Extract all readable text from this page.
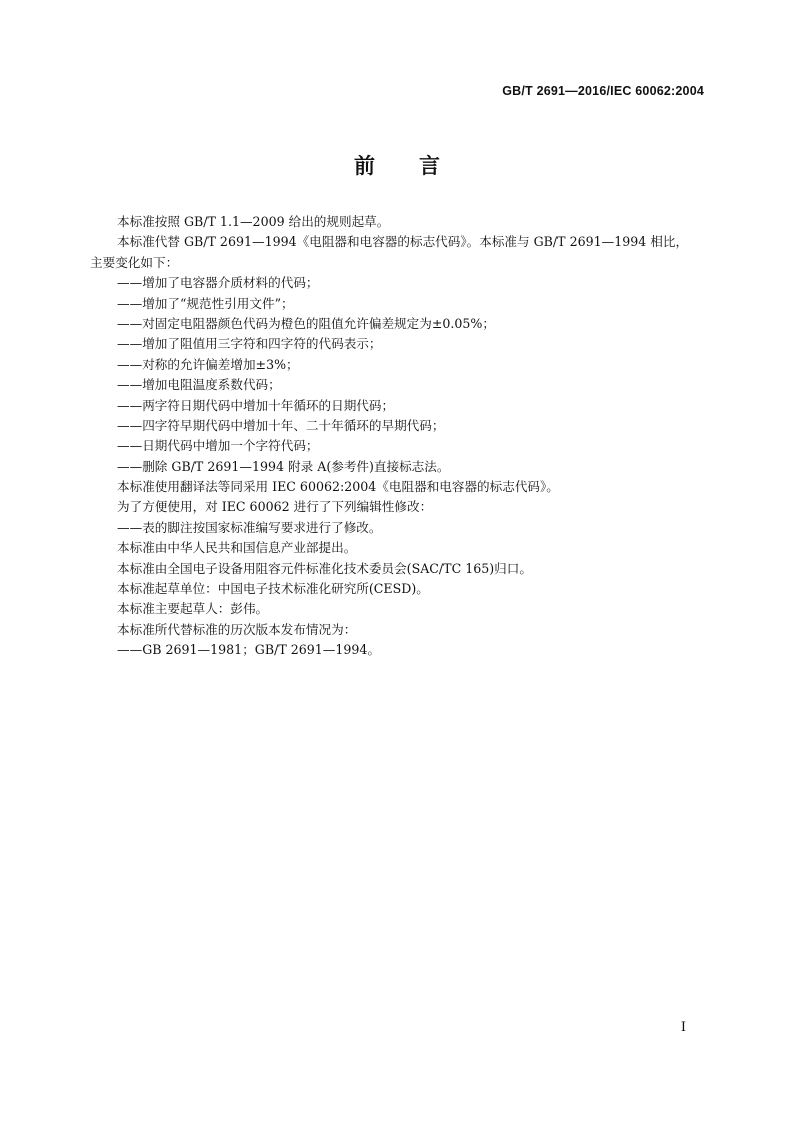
GB/T 2691—2016/IEC 60062:2004
前 言
本标准按照 GB/T 1.1—2009 给出的规则起草。
本标准代替 GB/T 2691—1994《电阻器和电容器的标志代码》。本标准与 GB/T 2691—1994 相比，
主要变化如下：
——增加了电容器介质材料的代码；
——增加了“规范性引用文件”；
——对固定电阻器颜色代码为橙色的阻值允许偏差规定为±0.05%；
——增加了阻值用三字符和四字符的代码表示；
——对称的允许偏差增加±3%；
——增加电阻温度系数代码；
——两字符日期代码中增加十年循环的日期代码；
——四字符早期代码中增加十年、二十年循环的早期代码；
——日期代码中增加一个字符代码；
——删除 GB/T 2691—1994 附录 A(参考件)直接标志法。
本标准使用翻译法等同采用 IEC 60062:2004《电阻器和电容器的标志代码》。
为了方便使用，对 IEC 60062 进行了下列编辑性修改：
——表的脚注按国家标准编写要求进行了修改。
本标准由中华人民共和国信息产业部提出。
本标准由全国电子设备用阻容元件标准化技术委员会(SAC/TC 165)归口。
本标准起草单位：中国电子技术标准化研究所(CESD)。
本标准主要起草人：彭伟。
本标准所代替标准的历次版本发布情况为：
——GB 2691—1981；GB/T 2691—1994。
I
